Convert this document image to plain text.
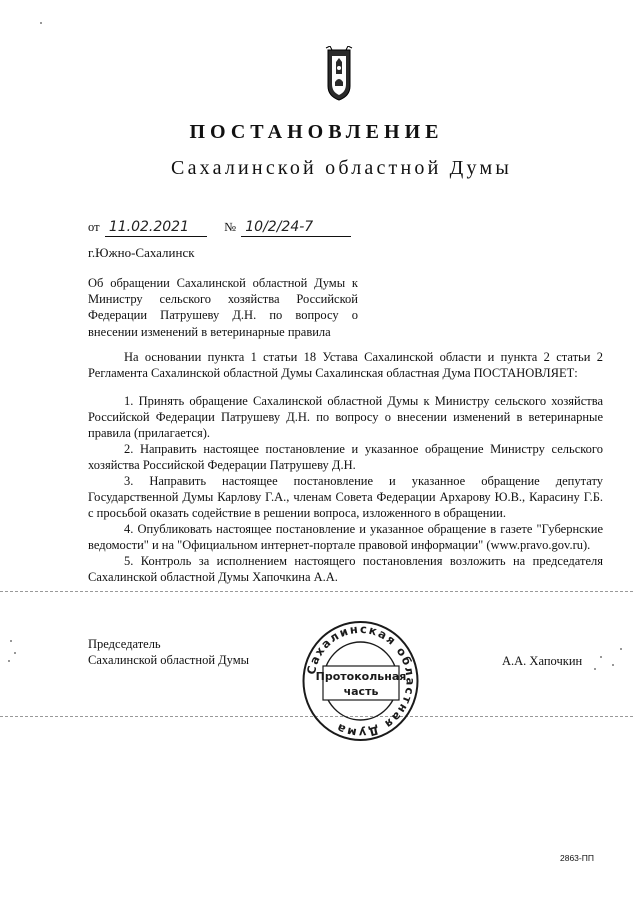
ПОСТАНОВЛЕНИЕ
Сахалинской областной Думы
от 11.02.2021	№ 10/2/24-7
г.Южно-Сахалинск
Об обращении Сахалинской областной Думы к Министру сельского хозяйства Российской Федерации Патрушеву Д.Н. по вопросу о внесении изменений в ветеринарные правила

На основании пункта 1 статьи 18 Устава Сахалинской области и пункта 2 статьи 2 Регламента Сахалинской областной Думы Сахалинская областная Дума ПОСТАНОВЛЯЕТ:

1. Принять обращение Сахалинской областной Думы к Министру сельского хозяйства Российской Федерации Патрушеву Д.Н. по вопросу о внесении изменений в ветеринарные правила (прилагается).

2. Направить настоящее постановление и указанное обращение Министру сельского хозяйства Российской Федерации Патрушеву Д.Н.

3. Направить настоящее постановление и указанное обращение депутату Государственной Думы Карлову Г.А., членам Совета Федерации Архарову Ю.В., Карасину Г.Б. с просьбой оказать содействие в решении вопроса, изложенного в обращении.

4. Опубликовать настоящее постановление и указанное обращение в газете "Губернские ведомости" и на "Официальном интернет-портале правовой информации" (www.pravo.gov.ru).

5. Контроль за исполнением настоящего постановления возложить на председателя Сахалинской областной Думы Хапочкина А.А.

Председатель
Сахалинской областной Думы	А.А. Хапочкин
Сахалинская областная Дума
Протокольная
часть
2863-ПП
